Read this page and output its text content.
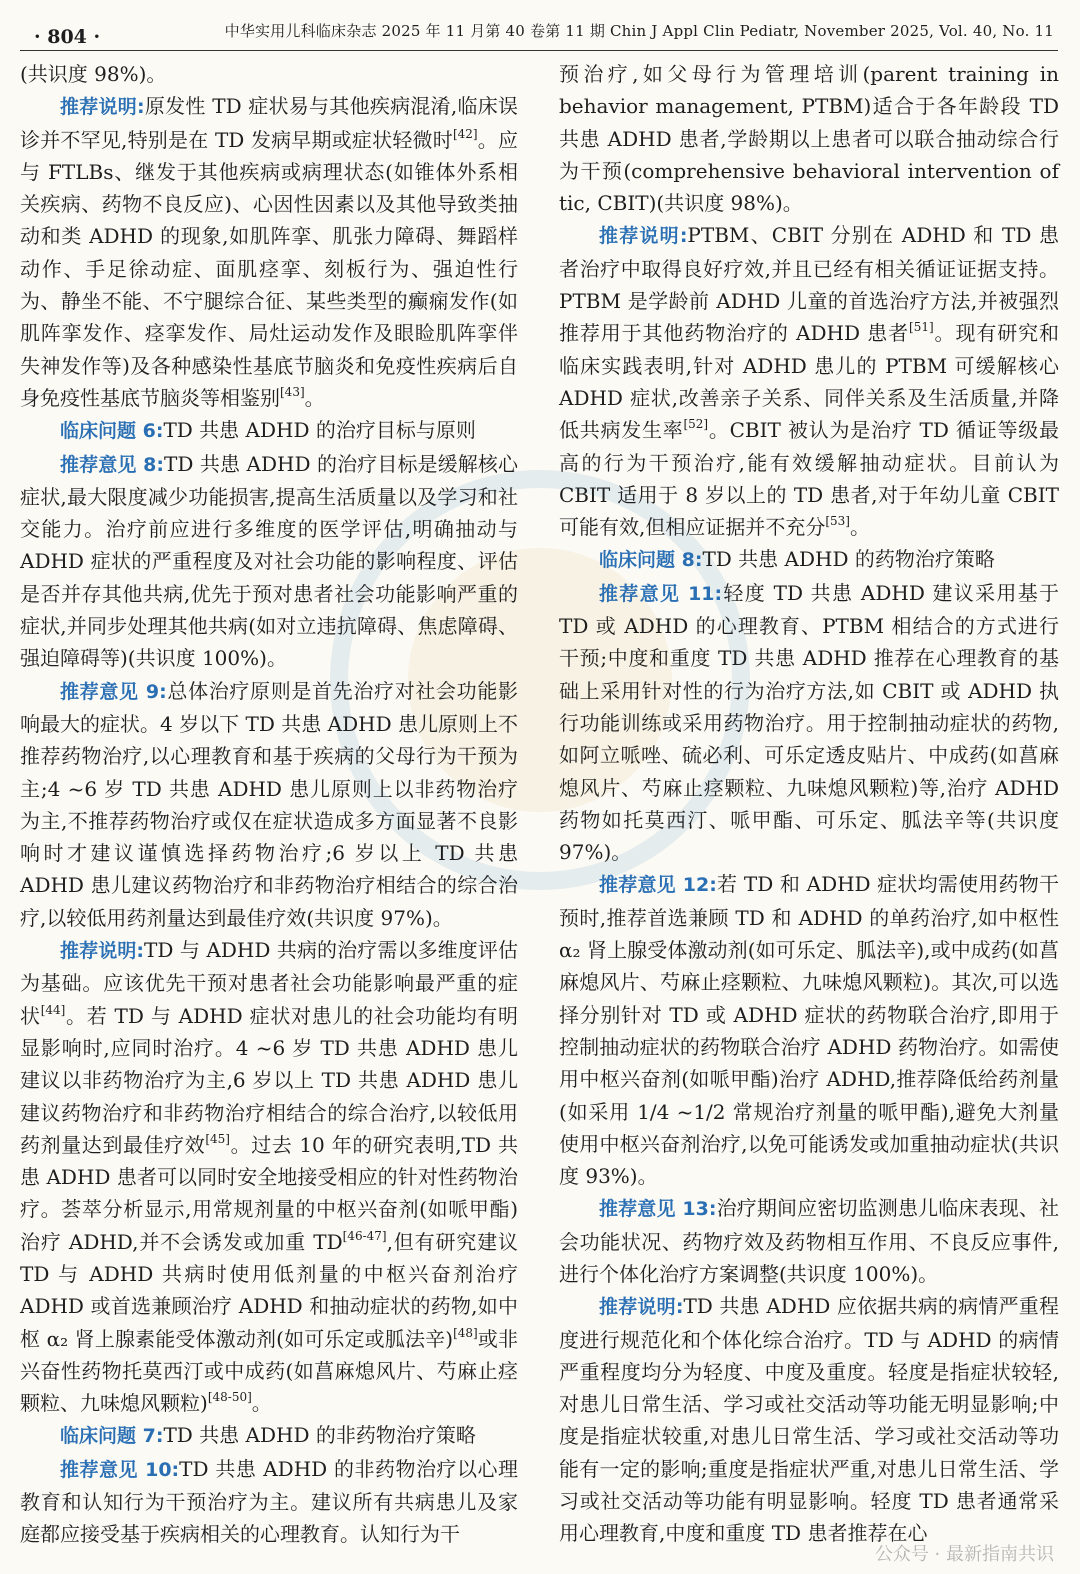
· 804 ·	中华实用儿科临床杂志 2025 年 11 月第 40 卷第 11 期 Chin J Appl Clin Pediatr, November 2025, Vol. 40, No. 11

(共识度 98%)。

推荐说明:原发性 TD 症状易与其他疾病混淆,临床误诊并不罕见,特别是在 TD 发病早期或症状轻微时[42]。应与 FTLBs、继发于其他疾病或病理状态(如锥体外系相关疾病、药物不良反应)、心因性因素以及其他导致类抽动和类 ADHD 的现象,如肌阵挛、肌张力障碍、舞蹈样动作、手足徐动症、面肌痉挛、刻板行为、强迫性行为、静坐不能、不宁腿综合征、某些类型的癫痫发作(如肌阵挛发作、痉挛发作、局灶运动发作及眼睑肌阵挛伴失神发作等)及各种感染性基底节脑炎和免疫性疾病后自身免疫性基底节脑炎等相鉴别[43]。

临床问题 6:TD 共患 ADHD 的治疗目标与原则

推荐意见 8:TD 共患 ADHD 的治疗目标是缓解核心症状,最大限度减少功能损害,提高生活质量以及学习和社交能力。治疗前应进行多维度的医学评估,明确抽动与 ADHD 症状的严重程度及对社会功能的影响程度、评估是否并存其他共病,优先于预对患者社会功能影响严重的症状,并同步处理其他共病(如对立违抗障碍、焦虑障碍、强迫障碍等)(共识度 100%)。

推荐意见 9:总体治疗原则是首先治疗对社会功能影响最大的症状。4 岁以下 TD 共患 ADHD 患儿原则上不推荐药物治疗,以心理教育和基于疾病的父母行为干预为主;4 ~6 岁 TD 共患 ADHD 患儿原则上以非药物治疗为主,不推荐药物治疗或仅在症状造成多方面显著不良影响时才建议谨慎选择药物治疗;6 岁以上 TD 共患 ADHD 患儿建议药物治疗和非药物治疗相结合的综合治疗,以较低用药剂量达到最佳疗效(共识度 97%)。

推荐说明:TD 与 ADHD 共病的治疗需以多维度评估为基础。应该优先干预对患者社会功能影响最严重的症状[44]。若 TD 与 ADHD 症状对患儿的社会功能均有明显影响时,应同时治疗。4 ~6 岁 TD 共患 ADHD 患儿建议以非药物治疗为主,6 岁以上 TD 共患 ADHD 患儿建议药物治疗和非药物治疗相结合的综合治疗,以较低用药剂量达到最佳疗效[45]。过去 10 年的研究表明,TD 共患 ADHD 患者可以同时安全地接受相应的针对性药物治疗。荟萃分析显示,用常规剂量的中枢兴奋剂(如哌甲酯)治疗 ADHD,并不会诱发或加重 TD[46-47],但有研究建议 TD 与 ADHD 共病时使用低剂量的中枢兴奋剂治疗 ADHD 或首选兼顾治疗 ADHD 和抽动症状的药物,如中枢 α₂ 肾上腺素能受体激动剂(如可乐定或胍法辛)[48]或非兴奋性药物托莫西汀或中成药(如菖麻熄风片、芍麻止痉颗粒、九味熄风颗粒)[48-50]。

临床问题 7:TD 共患 ADHD 的非药物治疗策略

推荐意见 10:TD 共患 ADHD 的非药物治疗以心理教育和认知行为干预治疗为主。建议所有共病患儿及家庭都应接受基于疾病相关的心理教育。认知行为干

预治疗,如父母行为管理培训(parent training in behavior management, PTBM)适合于各年龄段 TD 共患 ADHD 患者,学龄期以上患者可以联合抽动综合行为干预(comprehensive behavioral intervention of tic, CBIT)(共识度 98%)。

推荐说明:PTBM、CBIT 分别在 ADHD 和 TD 患者治疗中取得良好疗效,并且已经有相关循证证据支持。PTBM 是学龄前 ADHD 儿童的首选治疗方法,并被强烈推荐用于其他药物治疗的 ADHD 患者[51]。现有研究和临床实践表明,针对 ADHD 患儿的 PTBM 可缓解核心 ADHD 症状,改善亲子关系、同伴关系及生活质量,并降低共病发生率[52]。CBIT 被认为是治疗 TD 循证等级最高的行为干预治疗,能有效缓解抽动症状。目前认为 CBIT 适用于 8 岁以上的 TD 患者,对于年幼儿童 CBIT 可能有效,但相应证据并不充分[53]。

临床问题 8:TD 共患 ADHD 的药物治疗策略

推荐意见 11:轻度 TD 共患 ADHD 建议采用基于 TD 或 ADHD 的心理教育、PTBM 相结合的方式进行干预;中度和重度 TD 共患 ADHD 推荐在心理教育的基础上采用针对性的行为治疗方法,如 CBIT 或 ADHD 执行功能训练或采用药物治疗。用于控制抽动症状的药物,如阿立哌唑、硫必利、可乐定透皮贴片、中成药(如菖麻熄风片、芍麻止痉颗粒、九味熄风颗粒)等,治疗 ADHD 药物如托莫西汀、哌甲酯、可乐定、胍法辛等(共识度 97%)。

推荐意见 12:若 TD 和 ADHD 症状均需使用药物干预时,推荐首选兼顾 TD 和 ADHD 的单药治疗,如中枢性 α₂ 肾上腺受体激动剂(如可乐定、胍法辛),或中成药(如菖麻熄风片、芍麻止痉颗粒、九味熄风颗粒)。其次,可以选择分别针对 TD 或 ADHD 症状的药物联合治疗,即用于控制抽动症状的药物联合治疗 ADHD 药物治疗。如需使用中枢兴奋剂(如哌甲酯)治疗 ADHD,推荐降低给药剂量(如采用 1/4 ~1/2 常规治疗剂量的哌甲酯),避免大剂量使用中枢兴奋剂治疗,以免可能诱发或加重抽动症状(共识度 93%)。

推荐意见 13:治疗期间应密切监测患儿临床表现、社会功能状况、药物疗效及药物相互作用、不良反应事件,进行个体化治疗方案调整(共识度 100%)。

推荐说明:TD 共患 ADHD 应依据共病的病情严重程度进行规范化和个体化综合治疗。TD 与 ADHD 的病情严重程度均分为轻度、中度及重度。轻度是指症状较轻,对患儿日常生活、学习或社交活动等功能无明显影响;中度是指症状较重,对患儿日常生活、学习或社交活动等功能有一定的影响;重度是指症状严重,对患儿日常生活、学习或社交活动等功能有明显影响。轻度 TD 患者通常采用心理教育,中度和重度 TD 患者推荐在心

公众号 · 最新指南共识
